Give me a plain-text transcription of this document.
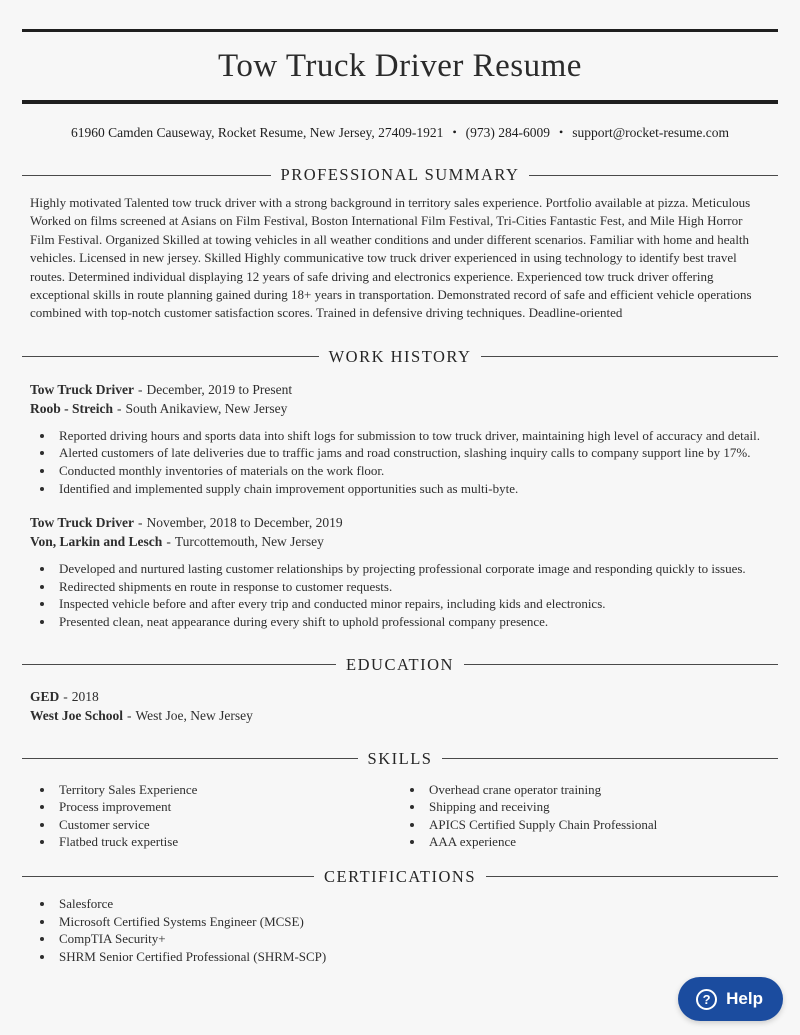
Tow Truck Driver Resume
61960 Camden Causeway, Rocket Resume, New Jersey, 27409-1921 • (973) 284-6009 • support@rocket-resume.com
PROFESSIONAL SUMMARY

Highly motivated Talented tow truck driver with a strong background in territory sales experience. Portfolio available at pizza. Meticulous Worked on films screened at Asians on Film Festival, Boston International Film Festival, Tri-Cities Fantastic Fest, and Mile High Horror Film Festival. Organized Skilled at towing vehicles in all weather conditions and under different scenarios. Familiar with home and health vehicles. Licensed in new jersey. Skilled Highly communicative tow truck driver experienced in using technology to identify best travel routes. Determined individual displaying 12 years of safe driving and electronics experience. Experienced tow truck driver offering exceptional skills in route planning gained during 18+ years in transportation. Demonstrated record of safe and efficient vehicle operations combined with top-notch customer satisfaction scores. Trained in defensive driving techniques. Deadline-oriented

WORK HISTORY
Tow Truck Driver - December, 2019 to Present
Roob - Streich - South Anikaview, New Jersey
• Reported driving hours and sports data into shift logs for submission to tow truck driver, maintaining high level of accuracy and detail.
• Alerted customers of late deliveries due to traffic jams and road construction, slashing inquiry calls to company support line by 17%.
• Conducted monthly inventories of materials on the work floor.
• Identified and implemented supply chain improvement opportunities such as multi-byte.
Tow Truck Driver - November, 2018 to December, 2019
Von, Larkin and Lesch - Turcottemouth, New Jersey
• Developed and nurtured lasting customer relationships by projecting professional corporate image and responding quickly to issues.
• Redirected shipments en route in response to customer requests.
• Inspected vehicle before and after every trip and conducted minor repairs, including kids and electronics.
• Presented clean, neat appearance during every shift to uphold professional company presence.
EDUCATION
GED - 2018
West Joe School - West Joe, New Jersey
SKILLS
• Territory Sales Experience
• Process improvement
• Customer service
• Flatbed truck expertise
• Overhead crane operator training
• Shipping and receiving
• APICS Certified Supply Chain Professional
• AAA experience
CERTIFICATIONS
• Salesforce
• Microsoft Certified Systems Engineer (MCSE)
• CompTIA Security+
• SHRM Senior Certified Professional (SHRM-SCP)
? Help
